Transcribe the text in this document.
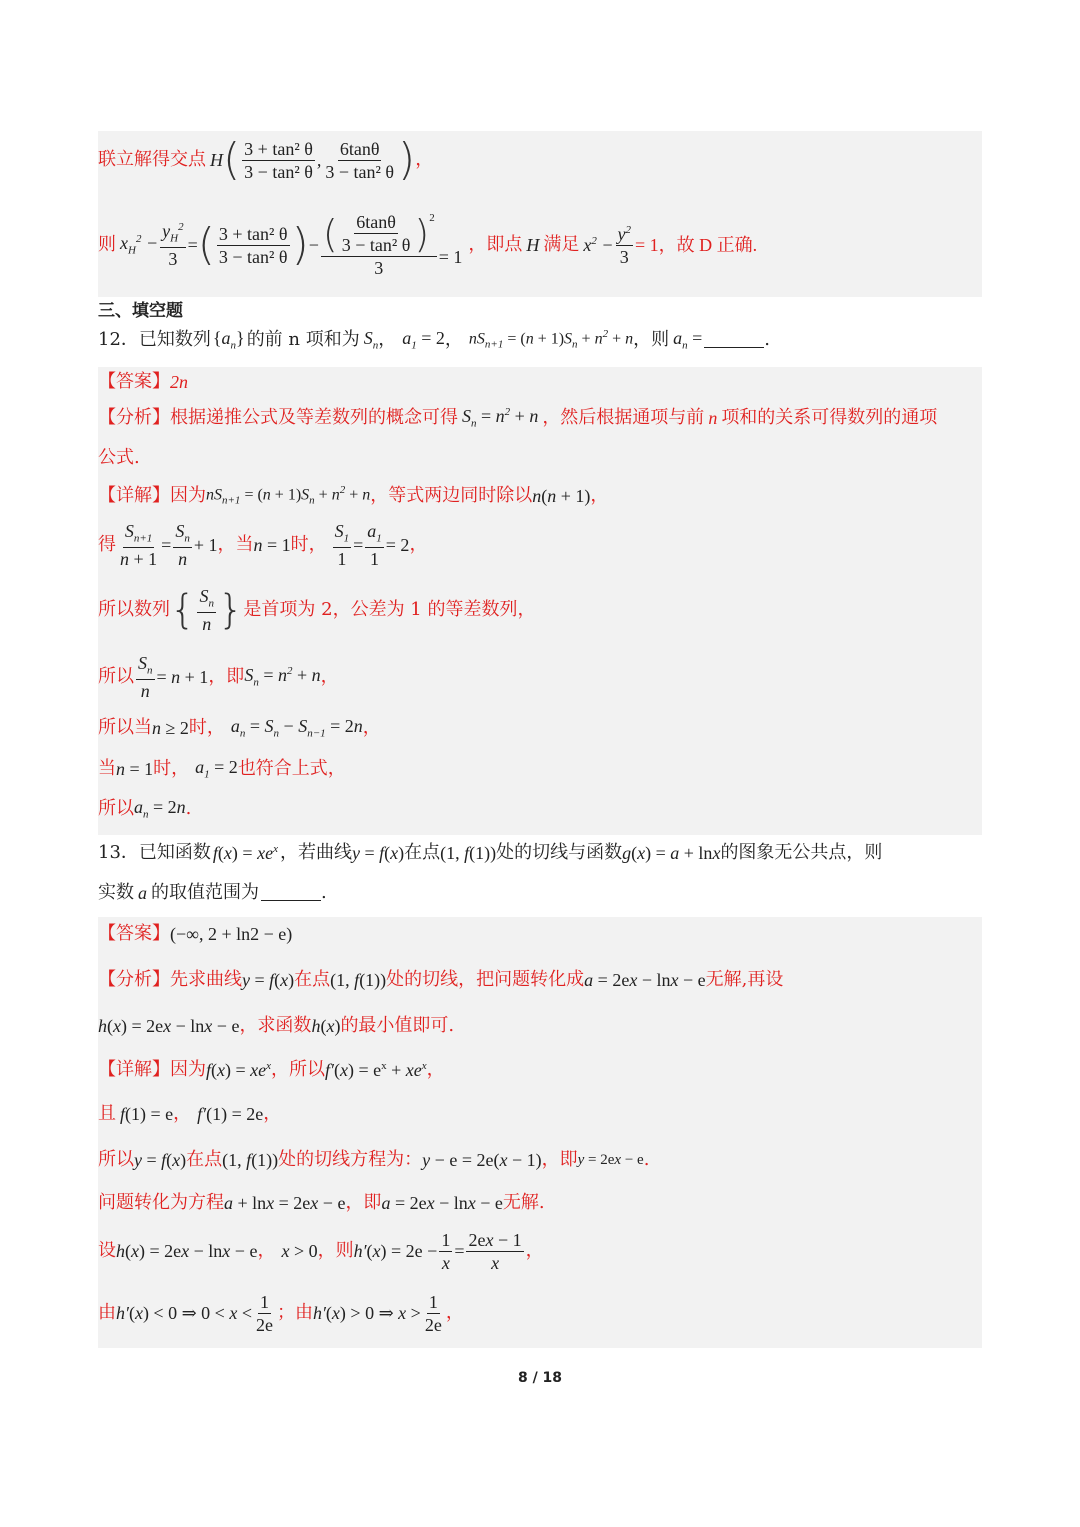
联立解得交点 H ( $\frac{\text{3 + tan² θ}}{\text{3 − tan² θ}}$ , $\frac{6\tan\theta}{\text{3 − tan² θ}}$ ) ，
则 $x_H^2 - \frac{y_H^2}{3}$ = ( $\frac{\text{3 + tan² θ}}{\text{3 − tan² θ}}$ ) − ( $\frac{6\tan\theta}{\text{3 − tan² θ}} )^2$
3
= 1
，即点 H 满足 $x^2 - \frac{y^2}{3} = 1$，故 D 正确.
三、填空题
12． 已知数列 $\{a_n\}$ 的前 n 项和为 $S_n$ ， $a_1 = 2$ ， $nS_{n+1} = (n + 1)S_n + n^2 + n$ ，则 $a_n$ =	.
【答案】 2n
【分析】 根据递推公式及等差数列的概念可得 $S_n = n^2 + n$ ，然后根据通项与前 n 项和的关系可得数列的通项
公式.
【详解】 因为 $nS_{n+1} = (n + 1)S_n + n^2 + n$ ，等式两边同时除以 n(n + 1) ，
得 $\frac{S_{n+1}}{n + 1} = \frac{S_n}{n} + 1$ ，当 n = 1 时， $\frac{S_1}{1} = \frac{a_1}{1} = 2$ ，
所以数列 { $\frac{S_n}{n}$ } 是首项为 2，公差为 1 的等差数列，
所以 $\frac{S_n}{n} = n + 1$ ，即 $S_n = n^2 + n$ ，
所以当 n ≥ 2 时， $a_n = S_n - S_{n-1} = 2n$ ，
当 n = 1 时， $a_1 = 2$ 也符合上式，
所以 $a_n = 2n$ .
13． 已知函数 $f(x) = xe^x$ ，若曲线 y = f(x) 在点 (1, f(1)) 处的切线与函数 g(x) = a + lnx 的图象无公共点，则
实数 a 的取值范围为	.
【答案】 (−∞, 2 + ln2 − e)
【分析】 先求曲线 y = f(x) 在点 (1, f(1)) 处的切线，把问题转化成 a = 2ex − lnx − e 无解,再设
h(x) = 2ex − lnx − e ，求函数 h(x) 的最小值即可.
【详解】 因为 $f(x) = xe^x$ ，所以 $f'(x) = e^x + xe^x$ ，
且 f(1) = e ， f′(1) = 2e ，
所以 y = f(x) 在点 (1, f(1)) 处的切线方程为： y − e = 2e(x − 1) ，即 y = 2ex − e .
问题转化为方程 a + lnx = 2ex − e ，即 a = 2ex − lnx − e 无解.
设 h(x) = 2ex − lnx − e ， x > 0 ，则 $h'(x) = 2e - \frac{1}{x} = \frac{2ex - 1}{x}$ ，
由 h′(x) < 0 ⇒ $0 < x < \frac{1}{2e}$ ；由 h′(x) > 0 ⇒ $x > \frac{1}{2e}$ ，
8 / 18
